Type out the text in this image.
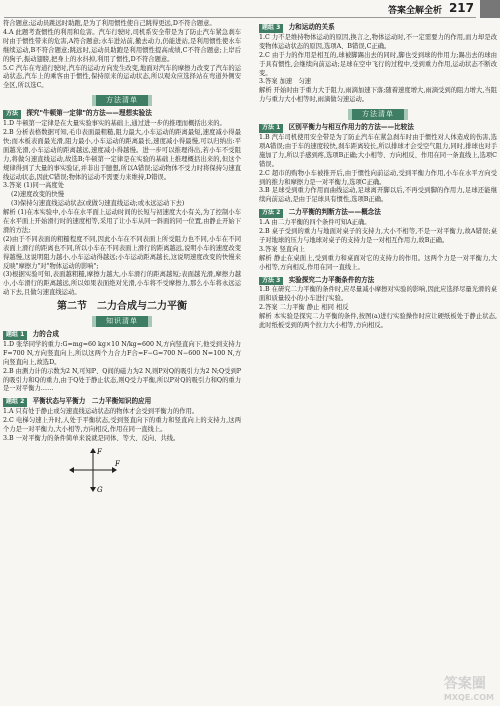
答案全解全析 217

符合题意;运动员跳远时助跑,是为了利用惯性使自己跳得更远,D不符合题意。

4.A 此题考查惯性的利用和危害。汽车行驶时,司机系安全带是为了防止汽车紧急刹车时由于惯性带来的危害,A符合题意;水车进站前,撤去动力,仍能进站,是利用惯性使水车继续运动,B不符合题意;跳远时,运动员助跑是利用惯性提高成绩,C不符合题意;上岸后的狗子,振动翅膀,把身上的水抖掉,利用了惯性,D不符合题意。

5.C 汽车在弯道行驶时,汽车的运动方向发生改变,地面对汽车的摩擦力改变了汽车的运动状态,汽车上的乘客由于惯性,保持原来的运动状态,所以观众应选择站在弯道外侧安全区,所以选C。

方法清单
方法 探究"牛顿第一定律"的方法——理想实验法

1.D 牛顿第一定律是在大量实验事实的基础上,通过进一步的推理而概括出来的。

2.B 分析表格数据可知,毛巾表面最粗糙,阻力最大,小车运动的距离最短,速度减小得最快;而木板表面最光滑,阻力最小,小车运动的距离最长,速度减小得最慢,可以归纳出:平面越光滑,小车运动的距离越远,速度减小得越慢。进一步可以推理得出,若小车不受阻力,将做匀速直线运动,故选B;牛顿第一定律是在实验的基础上推理概括出来的,但这个规律得到了大量的事实验证,并非出于臆想,所以A错误;运动物体不受力时将保持匀速直线运动状态,因此C错误;物体的运动不需要力来维持,D错误。

3.答案 (1)同一高度处

(2)速度改变的快慢

(3)保持匀速直线运动状态(或做匀速直线运动;或永远运动下去)

解析 (1)在本实验中,小车在水平面上运动时间的长短与初速度大小有关,为了控制小车在水平面上开始滑行时的速度相等,采用了让小车从同一斜面的同一位置,由静止开始下滑的方法;

(2)由于不同表面的粗糙程度不同,因此小车在不同表面上所受阻力也不同,小车在不同表面上滑行的距离也不同,所以小车在不同表面上滑行的距离越远,说明小车的速度改变得越慢,这说明阻力越小,小车运动得越远;小车运动距离越长,这说明速度改变的快慢来反映"摩擦力"对"物体运动的影响";

(3)根据实验可知,表面越粗糙,摩擦力越大,小车滑行的距离越短;表面越光滑,摩擦力越小,小车滑行的距离越远,所以如果表面绝对光滑,小车将不受摩擦力,那么小车将永远运动下去,且做匀速直线运动。

第二节　二力合成与二力平衡
知识清单
题组 1 力的合成

1.D 张华同学的重力:G=mg=60 kg×10 N/kg=600 N,方向竖直向下,他受到支持力F=700 N,方向竖直向上,所以这两个力合力F合=F−G=700 N−600 N=100 N,方向竖直向上,故选D。

2.B 由测力计的示数为2 N,可知P、Q间的磁力为2 N,则P对Q的吸引力为2 N;Q受到P的吸引力和Q的重力,由于Q处于静止状态,则Q受力平衡,所以P对Q的吸引力和Q的重力是一对平衡力……

题组 2 平衡状态与平衡力　二力平衡知识的应用

1.A 只有处于静止或匀速直线运动状态的物体才会受到平衡力的作用。

2.C 电梯匀速上升时,人处于平衡状态,受到竖直向下的重力和竖直向上的支持力,这两个力是一对平衡力,大小相等,方向相反,作用在同一直线上。

3.B 一对平衡力的条件简单来说就是同体、等大、反向、共线。

F
F
G
题组 3 力和运动的关系

1.C 力不是维持物体运动的原因,换言之,物体运动时,不一定需要力的作用,而力却是改变物体运动状态的原因,选项A、B错误,C正确。

2.C 由于力的作用是相互的,球被脚踢出去的同时,脚也受到球的作用力;踢出去的球由于具有惯性,会继续向前运动;足球在空中飞行的过程中,受到重力作用,运动状态不断改变。

3.答案 加速　匀速

解析 开始时由于重力大于阻力,雨滴加速下落;随着速度增大,雨滴受到的阻力增大,当阻力与重力大小相等时,雨滴做匀速运动。

方法清单
方法 1 区别平衡力与相互作用力的方法——比较法

1.B 汽车司机使用安全带是为了防止汽车在紧急刹车时由于惯性对人体造成的伤害,选项A错误;由于车的速度较快,刹车距离较长,所以排球才会受空气阻力,同时,排球也对手施加了力,所以手感到疼,选项B正确;大小相等、方向相反、作用在同一条直线上,选项C错误。

2.C 超市的购物小车被推开后,由于惯性向前运动,受到平衡力作用,小车在水平方向受到的推力和摩擦力是一对平衡力,选项C正确。

3.B 足球受到重力作用而曲线运动,足球离开脚以后,不再受到脚的作用力,足球还能继续向前运动,是由于足球具有惯性,选项B正确。

方法 2 二力平衡的判断方法——概念法

1.A 由二力平衡的四个条件可知A正确。

2.B 桌子受到的重力与地面对桌子的支持力,大小不相等,不是一对平衡力,故A错误;桌子对地球的压力与地球对桌子的支持力是一对相互作用力,故B正确。

3.答案 竖直向上

解析 静止在桌面上,受到重力和桌面对它的支持力的作用。这两个力是一对平衡力,大小相等,方向相反,作用在同一直线上。

方法 3 实验探究二力平衡条件的方法

1.B 在研究二力平衡的条件时,应尽量减小摩擦对实验的影响,因此应选择尽量光滑的桌面和质量较小的小车进行实验。

2.答案 二力平衡 静止 相同 相反

解析 本实验是探究二力平衡的条件,按图(a)进行实验操作时应让硬纸板处于静止状态,此时纸板受到的两个拉力大小相等,方向相反。

答案圈
MXQE.COM
